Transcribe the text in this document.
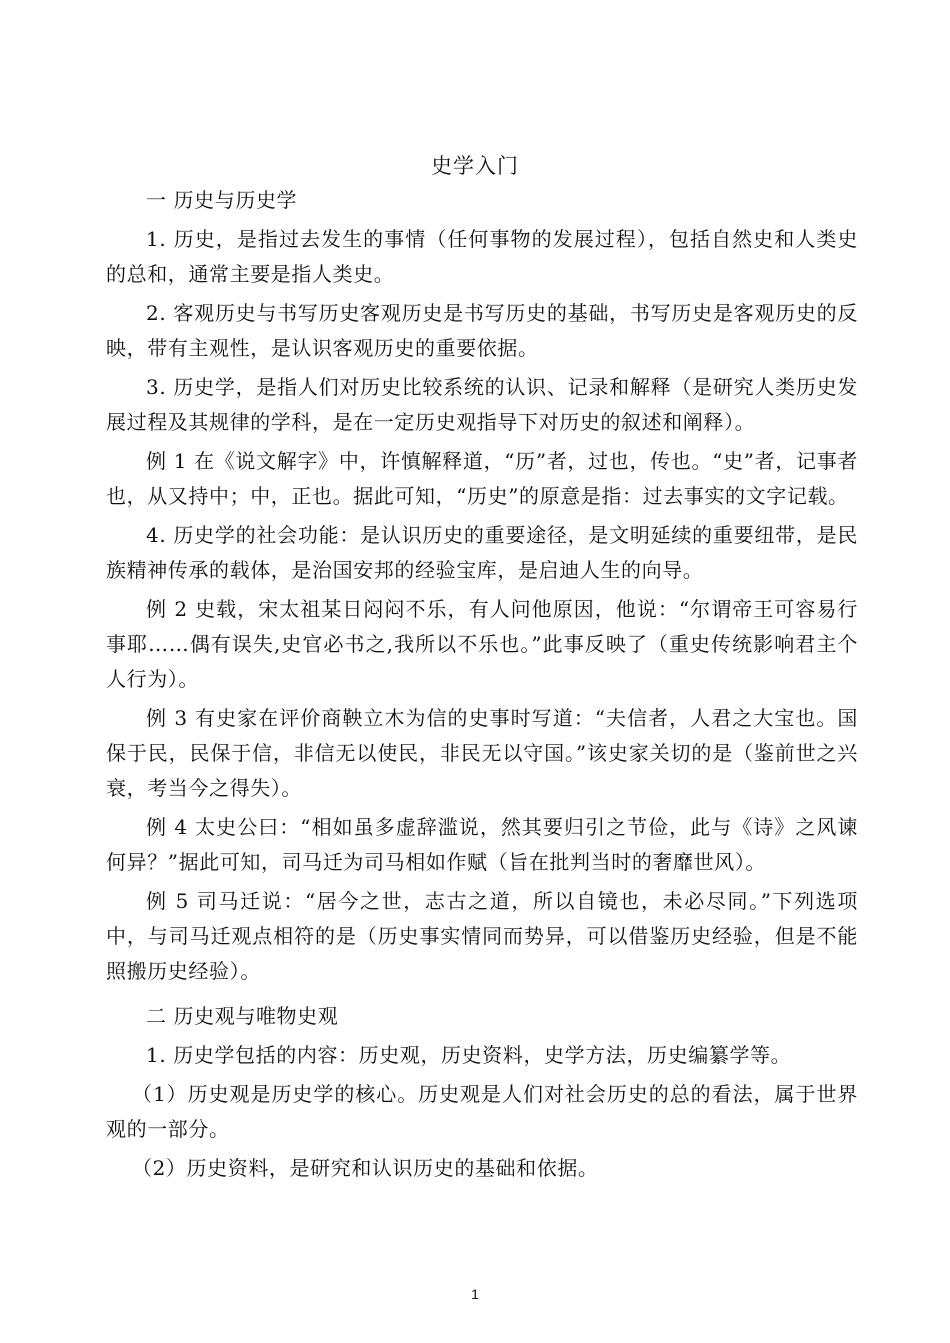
史学入门

一 历史与历史学

1. 历史，是指过去发生的事情（任何事物的发展过程），包括自然史和人类史的总和，通常主要是指人类史。

2. 客观历史与书写历史客观历史是书写历史的基础，书写历史是客观历史的反映，带有主观性，是认识客观历史的重要依据。

3. 历史学，是指人们对历史比较系统的认识、记录和解释（是研究人类历史发展过程及其规律的学科，是在一定历史观指导下对历史的叙述和阐释）。

例 1 在《说文解字》中，许慎解释道，“历”者，过也，传也。“史”者，记事者也，从又持中；中，正也。据此可知，“历史”的原意是指：过去事实的文字记载。

4. 历史学的社会功能：是认识历史的重要途径，是文明延续的重要纽带，是民族精神传承的载体，是治国安邦的经验宝库，是启迪人生的向导。

例 2 史载，宋太祖某日闷闷不乐，有人问他原因，他说：“尔谓帝王可容易行事耶……偶有误失,史官必书之,我所以不乐也。”此事反映了（重史传统影响君主个人行为）。

例 3 有史家在评价商鞅立木为信的史事时写道：“夫信者，人君之大宝也。国保于民，民保于信，非信无以使民，非民无以守国。”该史家关切的是（鉴前世之兴衰，考当今之得失）。

例 4 太史公曰：“相如虽多虚辞滥说，然其要归引之节俭，此与《诗》之风谏何异？”据此可知，司马迁为司马相如作赋（旨在批判当时的奢靡世风）。

例 5 司马迁说：“居今之世，志古之道，所以自镜也，未必尽同。”下列选项中，与司马迁观点相符的是（历史事实情同而势异，可以借鉴历史经验，但是不能照搬历史经验）。

二 历史观与唯物史观

1. 历史学包括的内容：历史观，历史资料，史学方法，历史编纂学等。

（1）历史观是历史学的核心。历史观是人们对社会历史的总的看法，属于世界观的一部分。

（2）历史资料，是研究和认识历史的基础和依据。

1
